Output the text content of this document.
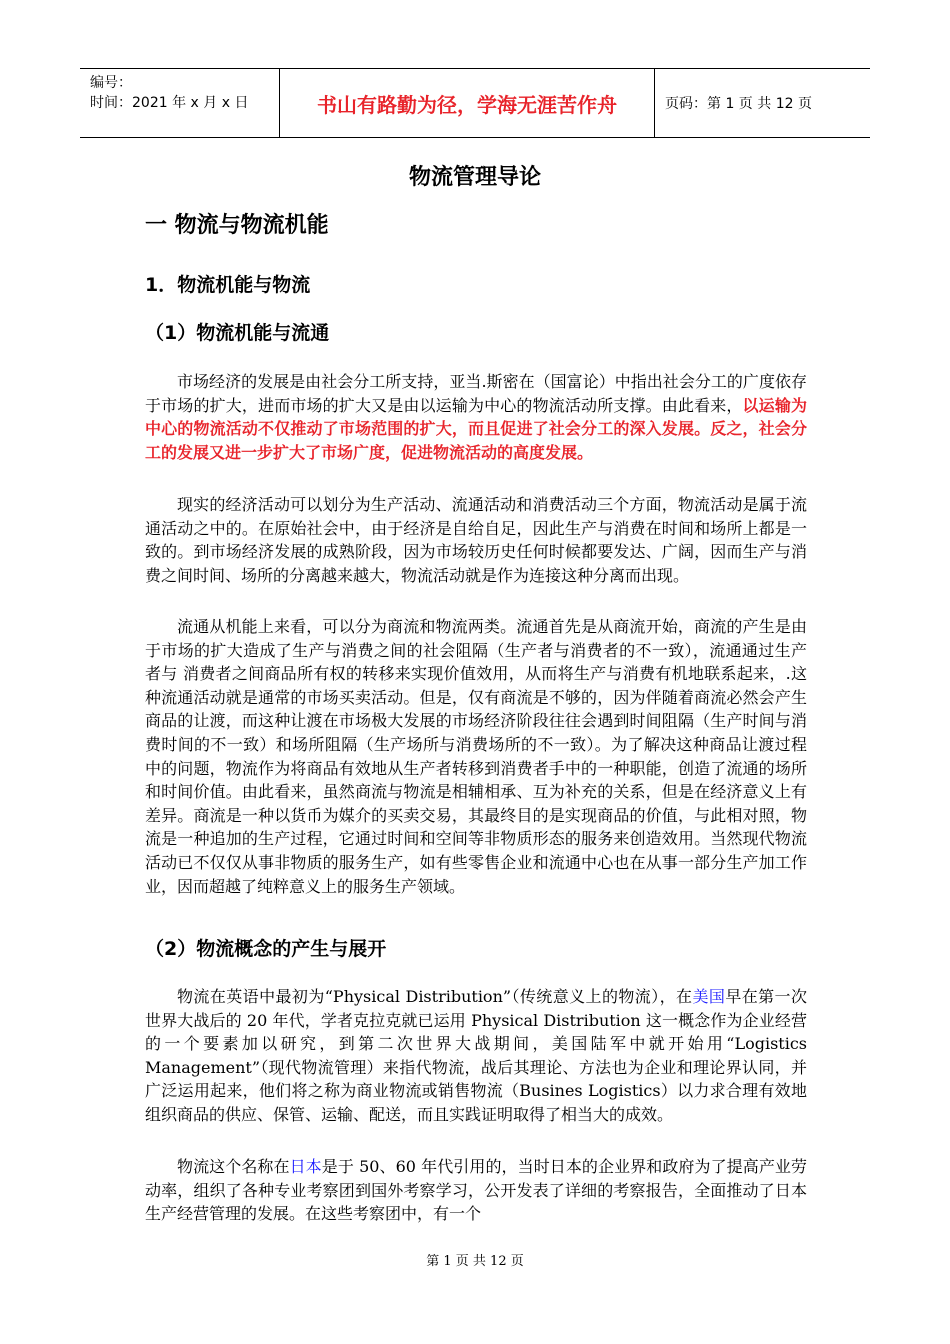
编号：
时间：2021 年 x 月 x 日	书山有路勤为径，学海无涯苦作舟	页码：第 1 页 共 12 页
物流管理导论
一 物流与物流机能
1．物流机能与物流
（1）物流机能与流通

市场经济的发展是由社会分工所支持，亚当.斯密在（国富论）中指出社会分工的广度依存于市场的扩大，进而市场的扩大又是由以运输为中心的物流活动所支撑。由此看来，以运输为中心的物流活动不仅推动了市场范围的扩大，而且促进了社会分工的深入发展。反之，社会分工的发展又进一步扩大了市场广度，促进物流活动的高度发展。

现实的经济活动可以划分为生产活动、流通活动和消费活动三个方面，物流活动是属于流通活动之中的。在原始社会中，由于经济是自给自足，因此生产与消费在时间和场所上都是一致的。到市场经济发展的成熟阶段，因为市场较历史任何时候都要发达、广阔，因而生产与消费之间时间、场所的分离越来越大，物流活动就是作为连接这种分离而出现。

流通从机能上来看，可以分为商流和物流两类。流通首先是从商流开始，商流的产生是由于市场的扩大造成了生产与消费之间的社会阻隔（生产者与消费者的不一致），流通通过生产者与 消费者之间商品所有权的转移来实现价值效用，从而将生产与消费有机地联系起来，.这种流通活动就是通常的市场买卖活动。但是，仅有商流是不够的，因为伴随着商流必然会产生商品的让渡，而这种让渡在市场极大发展的市场经济阶段往往会遇到时间阻隔（生产时间与消费时间的不一致）和场所阻隔（生产场所与消费场所的不一致）。为了解决这种商品让渡过程中的问题，物流作为将商品有效地从生产者转移到消费者手中的一种职能，创造了流通的场所和时间价值。由此看来，虽然商流与物流是相辅相承、互为补充的关系，但是在经济意义上有差异。商流是一种以货币为媒介的买卖交易，其最终目的是实现商品的价值，与此相对照，物流是一种追加的生产过程，它通过时间和空间等非物质形态的服务来创造效用。当然现代物流活动已不仅仅从事非物质的服务生产，如有些零售企业和流通中心也在从事一部分生产加工作业，因而超越了纯粹意义上的服务生产领域。

（2）物流概念的产生与展开

物流在英语中最初为“Physical Distribution”（传统意义上的物流），在美国早在第一次世界大战后的 20 年代，学者克拉克就已运用 Physical Distribution 这一概念作为企业经营的一个要素加以研究，到第二次世界大战期间，美国陆军中就开始用“Logistics Management”（现代物流管理）来指代物流，战后其理论、方法也为企业和理论界认同，并广泛运用起来，他们将之称为商业物流或销售物流（Busines Logistics）以力求合理有效地组织商品的供应、保管、运输、配送，而且实践证明取得了相当大的成效。

物流这个名称在日本是于 50、60 年代引用的，当时日本的企业界和政府为了提高产业劳动率，组织了各种专业考察团到国外考察学习，公开发表了详细的考察报告，全面推动了日本生产经营管理的发展。在这些考察团中，有一个

第 1 页 共 12 页
